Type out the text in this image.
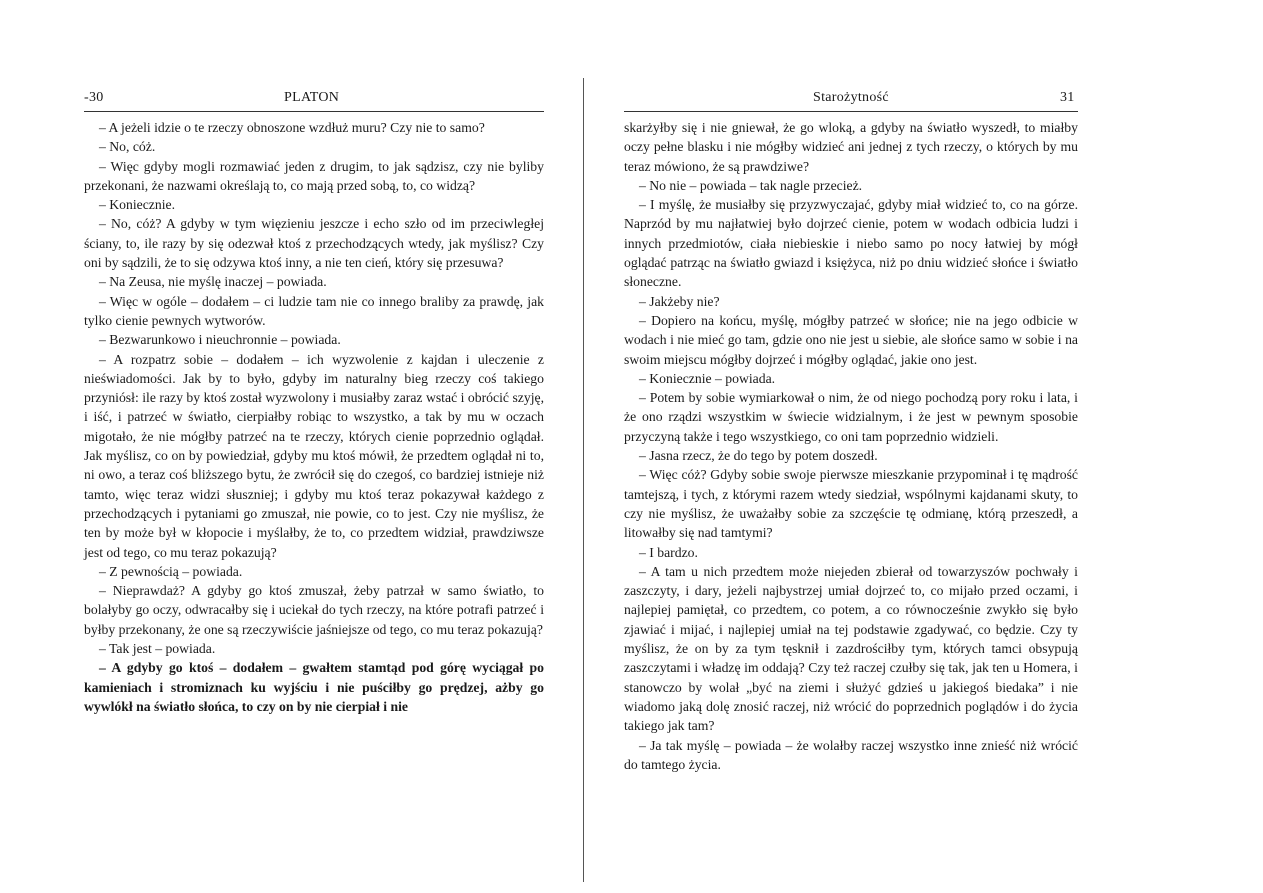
-30	PLATON

– A jeżeli idzie o te rzeczy obnoszone wzdłuż muru? Czy nie to samo?

– No, cóż.

– Więc gdyby mogli rozmawiać jeden z drugim, to jak sądzisz, czy nie byliby przekonani, że nazwami określają to, co mają przed sobą, to, co widzą?

– Koniecznie.

– No, cóż? A gdyby w tym więzieniu jeszcze i echo szło od im przeciwległej ściany, to, ile razy by się odezwał ktoś z przechodzących wtedy, jak myślisz? Czy oni by sądzili, że to się odzywa ktoś inny, a nie ten cień, który się przesuwa?

– Na Zeusa, nie myślę inaczej – powiada.

– Więc w ogóle – dodałem – ci ludzie tam nie co innego braliby za prawdę, jak tylko cienie pewnych wytworów.

– Bezwarunkowo i nieuchronnie – powiada.

– A rozpatrz sobie – dodałem – ich wyzwolenie z kajdan i uleczenie z nieświadomości. Jak by to było, gdyby im naturalny bieg rzeczy coś takiego przyniósł: ile razy by ktoś został wyzwolony i musiałby zaraz wstać i obrócić szyję, i iść, i patrzeć w światło, cierpiałby robiąc to wszystko, a tak by mu w oczach migotało, że nie mógłby patrzeć na te rzeczy, których cienie poprzednio oglądał. Jak myślisz, co on by powiedział, gdyby mu ktoś mówił, że przedtem oglądał ni to, ni owo, a teraz coś bliższego bytu, że zwrócił się do czegoś, co bardziej istnieje niż tamto, więc teraz widzi słuszniej; i gdyby mu ktoś teraz pokazywał każdego z przechodzących i pytaniami go zmuszał, nie powie, co to jest. Czy nie myślisz, że ten by może był w kłopocie i myślałby, że to, co przedtem widział, prawdziwsze jest od tego, co mu teraz pokazują?

– Z pewnością – powiada.

– Nieprawdaż? A gdyby go ktoś zmuszał, żeby patrzał w samo światło, to bolałyby go oczy, odwracałby się i uciekał do tych rzeczy, na które potrafi patrzeć i byłby przekonany, że one są rzeczywiście jaśniejsze od tego, co mu teraz pokazują?

– Tak jest – powiada.

– A gdyby go ktoś – dodałem – gwałtem stamtąd pod górę wyciągał po kamieniach i stromiznach ku wyjściu i nie puściłby go prędzej, ażby go wywlókł na światło słońca, to czy on by nie cierpiał i nie

Starożytność	31

skarżyłby się i nie gniewał, że go wloką, a gdyby na światło wyszedł, to miałby oczy pełne blasku i nie mógłby widzieć ani jednej z tych rzeczy, o których by mu teraz mówiono, że są prawdziwe?

– No nie – powiada – tak nagle przecież.

– I myślę, że musiałby się przyzwyczajać, gdyby miał widzieć to, co na górze. Naprzód by mu najłatwiej było dojrzeć cienie, potem w wodach odbicia ludzi i innych przedmiotów, ciała niebieskie i niebo samo po nocy łatwiej by mógł oglądać patrząc na światło gwiazd i księżyca, niż po dniu widzieć słońce i światło słoneczne.

– Jakżeby nie?

– Dopiero na końcu, myślę, mógłby patrzeć w słońce; nie na jego odbicie w wodach i nie mieć go tam, gdzie ono nie jest u siebie, ale słońce samo w sobie i na swoim miejscu mógłby dojrzeć i mógłby oglądać, jakie ono jest.

– Koniecznie – powiada.

– Potem by sobie wymiarkował o nim, że od niego pochodzą pory roku i lata, i że ono rządzi wszystkim w świecie widzialnym, i że jest w pewnym sposobie przyczyną także i tego wszystkiego, co oni tam poprzednio widzieli.

– Jasna rzecz, że do tego by potem doszedł.

– Więc cóż? Gdyby sobie swoje pierwsze mieszkanie przypominał i tę mądrość tamtejszą, i tych, z którymi razem wtedy siedział, wspólnymi kajdanami skuty, to czy nie myślisz, że uważałby sobie za szczęście tę odmianę, którą przeszedł, a litowałby się nad tamtymi?

– I bardzo.

– A tam u nich przedtem może niejeden zbierał od towarzyszów pochwały i zaszczyty, i dary, jeżeli najbystrzej umiał dojrzeć to, co mijało przed oczami, i najlepiej pamiętał, co przedtem, co potem, a co równocześnie zwykło się było zjawiać i mijać, i najlepiej umiał na tej podstawie zgadywać, co będzie. Czy ty myślisz, że on by za tym tęsknił i zazdrościłby tym, których tamci obsypują zaszczytami i władzę im oddają? Czy też raczej czułby się tak, jak ten u Homera, i stanowczo by wolał „być na ziemi i służyć gdzieś u jakiegoś biedaka” i nie wiadomo jaką dolę znosić raczej, niż wrócić do poprzednich poglądów i do życia takiego jak tam?

– Ja tak myślę – powiada – że wolałby raczej wszystko inne znieść niż wrócić do tamtego życia.
